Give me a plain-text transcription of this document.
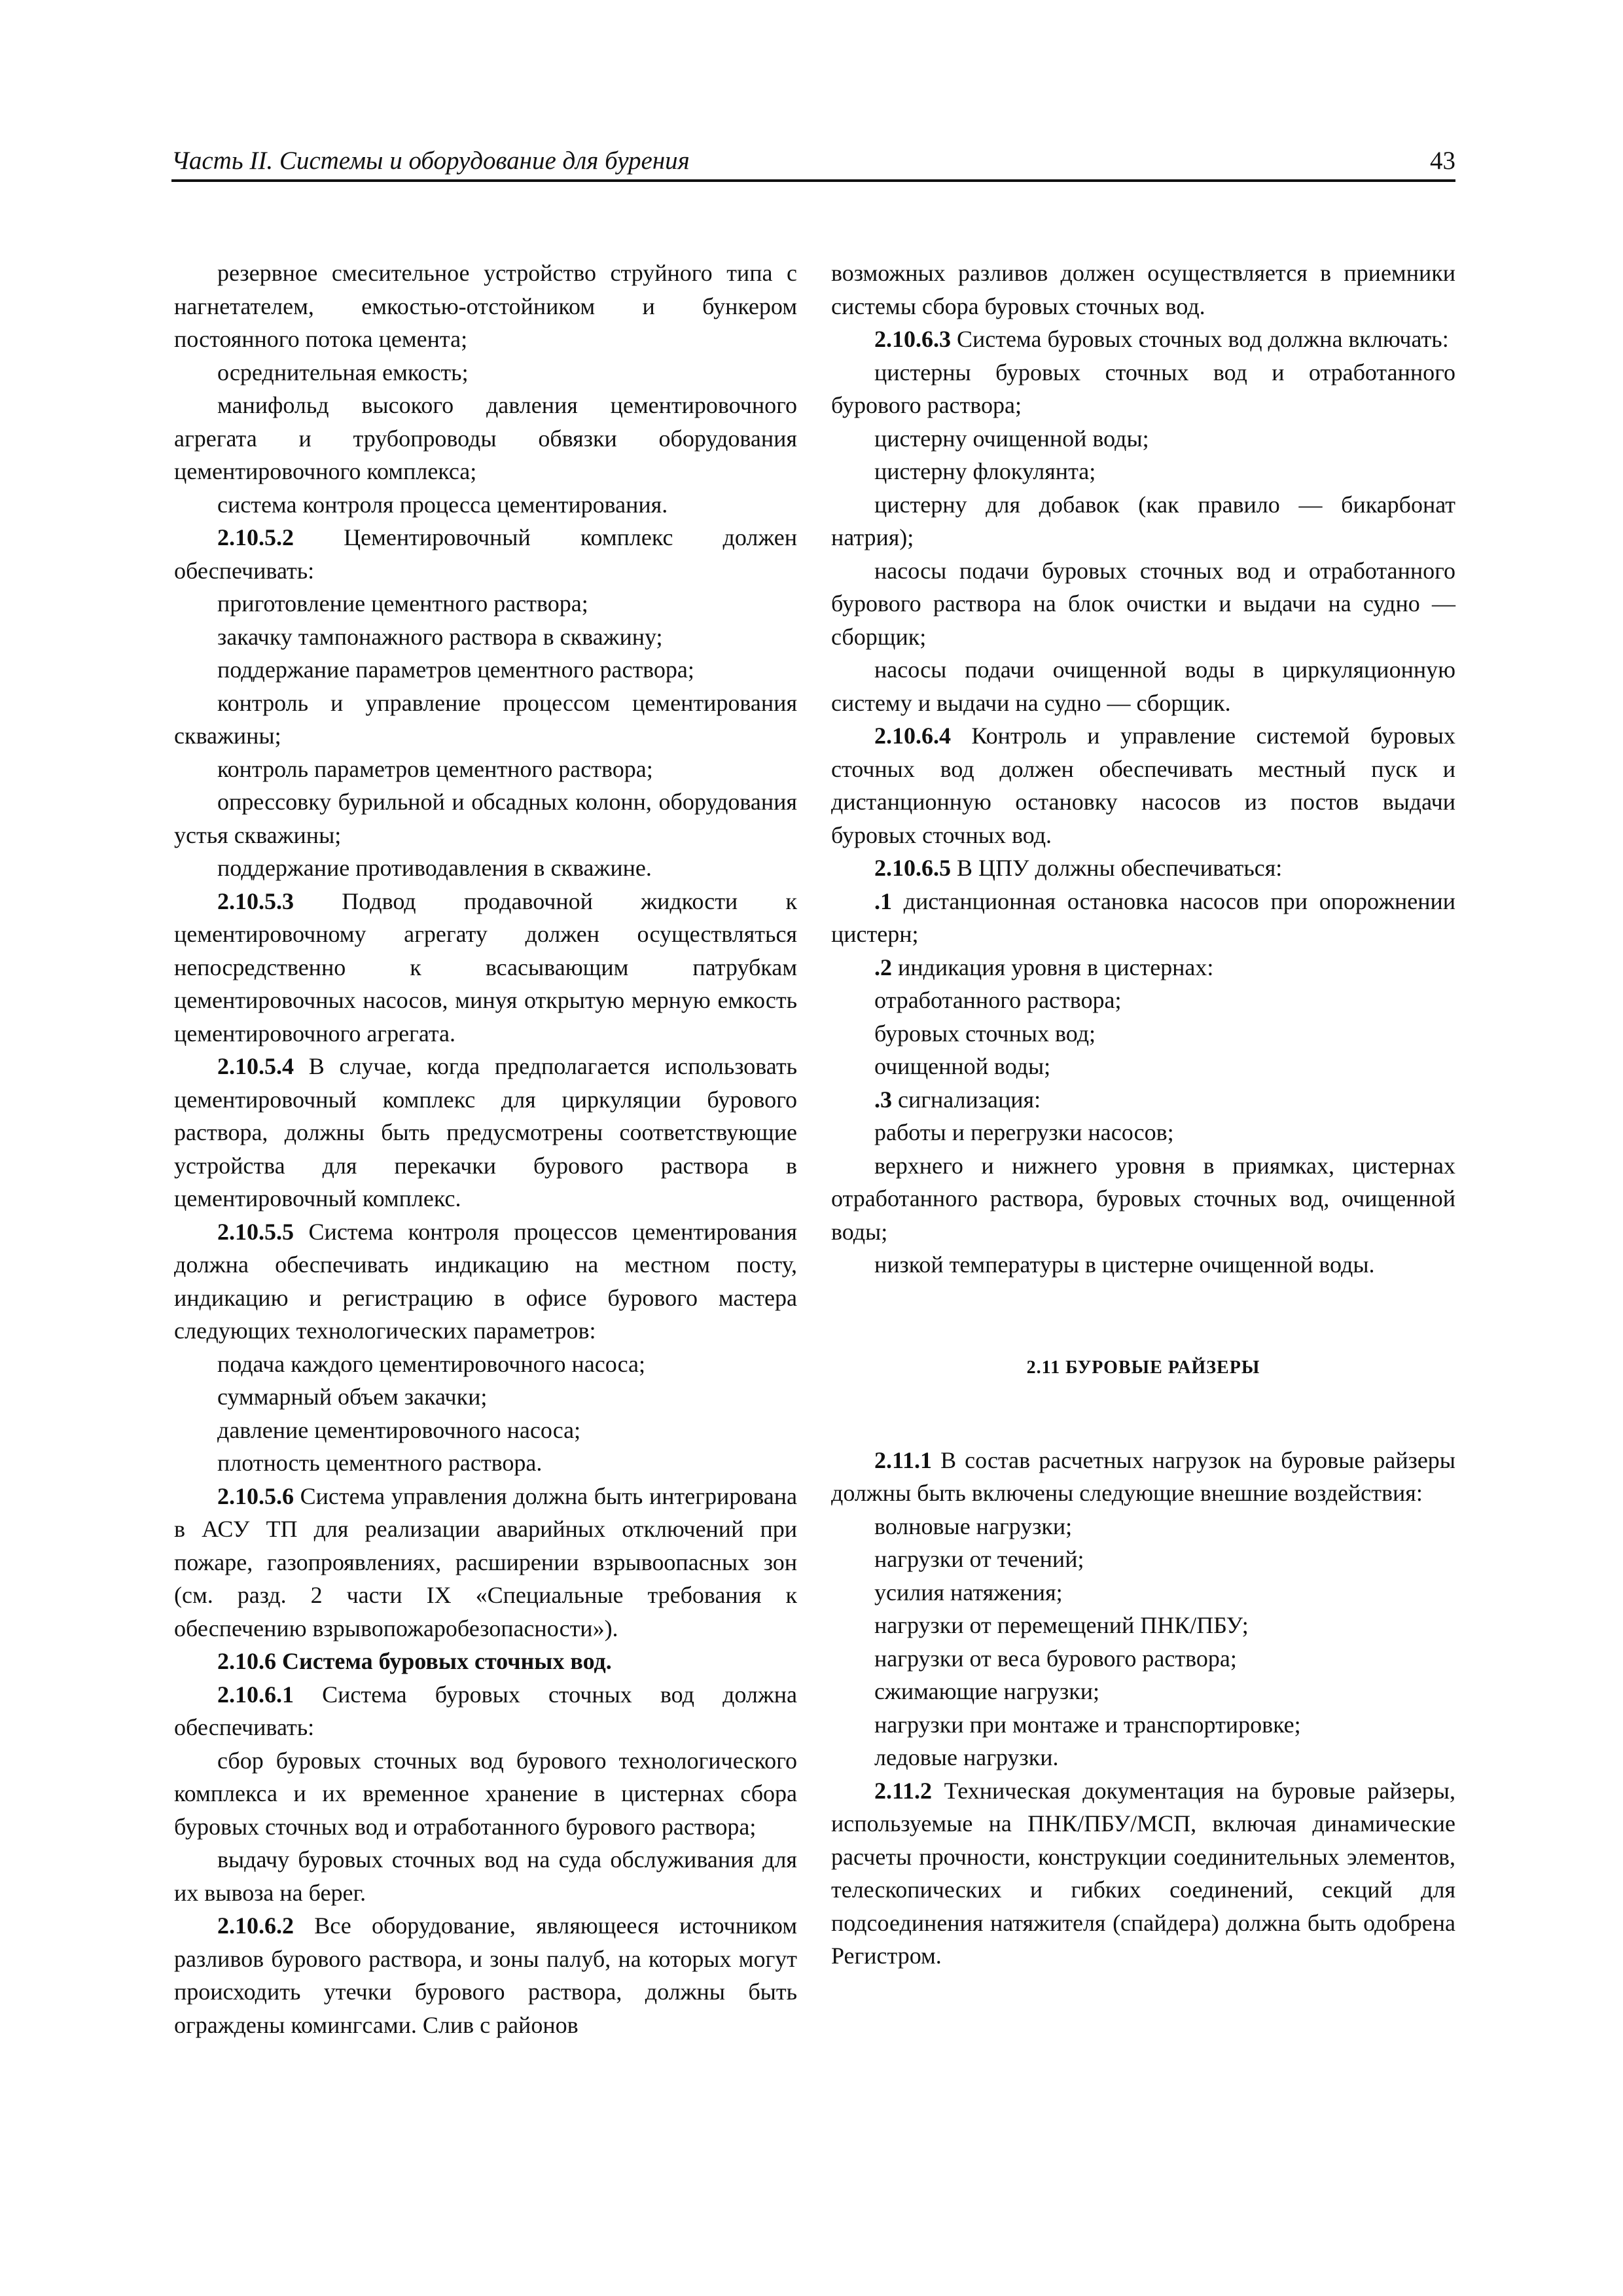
Часть II. Системы и оборудование для бурения	43

резервное смесительное устройство струйного типа с нагнетателем, емкостью-отстойником и бункером постоянного потока цемента;

осреднительная емкость;

манифольд высокого давления цементировочного агрегата и трубопроводы обвязки оборудования цементировочного комплекса;

система контроля процесса цементирования.

2.10.5.2 Цементировочный комплекс должен обеспечивать:

приготовление цементного раствора;

закачку тампонажного раствора в скважину;

поддержание параметров цементного раствора;

контроль и управление процессом цементирования скважины;

контроль параметров цементного раствора;

опрессовку бурильной и обсадных колонн, оборудования устья скважины;

поддержание противодавления в скважине.

2.10.5.3 Подвод продавочной жидкости к цементировочному агрегату должен осуществляться непосредственно к всасывающим патрубкам цементировочных насосов, минуя открытую мерную емкость цементировочного агрегата.

2.10.5.4 В случае, когда предполагается использовать цементировочный комплекс для циркуляции бурового раствора, должны быть предусмотрены соответствующие устройства для перекачки бурового раствора в цементировочный комплекс.

2.10.5.5 Система контроля процессов цементирования должна обеспечивать индикацию на местном посту, индикацию и регистрацию в офисе бурового мастера следующих технологических параметров:

подача каждого цементировочного насоса;

суммарный объем закачки;

давление цементировочного насоса;

плотность цементного раствора.

2.10.5.6 Система управления должна быть интегрирована в АСУ ТП для реализации аварийных отключений при пожаре, газопроявлениях, расширении взрывоопасных зон (см. разд. 2 части IX «Специальные требования к обеспечению взрывопожаробезопасности»).

2.10.6 Система буровых сточных вод.

2.10.6.1 Система буровых сточных вод должна обеспечивать:

сбор буровых сточных вод бурового технологического комплекса и их временное хранение в цистернах сбора буровых сточных вод и отработанного бурового раствора;

выдачу буровых сточных вод на суда обслуживания для их вывоза на берег.

2.10.6.2 Все оборудование, являющееся источником разливов бурового раствора, и зоны палуб, на которых могут происходить утечки бурового раствора, должны быть ограждены комингсами. Слив с районов

возможных разливов должен осуществляется в приемники системы сбора буровых сточных вод.

2.10.6.3 Система буровых сточных вод должна включать:

цистерны буровых сточных вод и отработанного бурового раствора;

цистерну очищенной воды;

цистерну флокулянта;

цистерну для добавок (как правило — бикарбонат натрия);

насосы подачи буровых сточных вод и отработанного бурового раствора на блок очистки и выдачи на судно — сборщик;

насосы подачи очищенной воды в циркуляционную систему и выдачи на судно — сборщик.

2.10.6.4 Контроль и управление системой буровых сточных вод должен обеспечивать местный пуск и дистанционную остановку насосов из постов выдачи буровых сточных вод.

2.10.6.5 В ЦПУ должны обеспечиваться:

.1 дистанционная остановка насосов при опорожнении цистерн;

.2 индикация уровня в цистернах:

отработанного раствора;

буровых сточных вод;

очищенной воды;

.3 сигнализация:

работы и перегрузки насосов;

верхнего и нижнего уровня в приямках, цистернах отработанного раствора, буровых сточных вод, очищенной воды;

низкой температуры в цистерне очищенной воды.

2.11 БУРОВЫЕ РАЙЗЕРЫ

2.11.1 В состав расчетных нагрузок на буровые райзеры должны быть включены следующие внешние воздействия:

волновые нагрузки;

нагрузки от течений;

усилия натяжения;

нагрузки от перемещений ПНК/ПБУ;

нагрузки от веса бурового раствора;

сжимающие нагрузки;

нагрузки при монтаже и транспортировке;

ледовые нагрузки.

2.11.2 Техническая документация на буровые райзеры, используемые на ПНК/ПБУ/МСП, включая динамические расчеты прочности, конструкции соединительных элементов, телескопических и гибких соединений, секций для подсоединения натяжителя (спайдера) должна быть одобрена Регистром.
